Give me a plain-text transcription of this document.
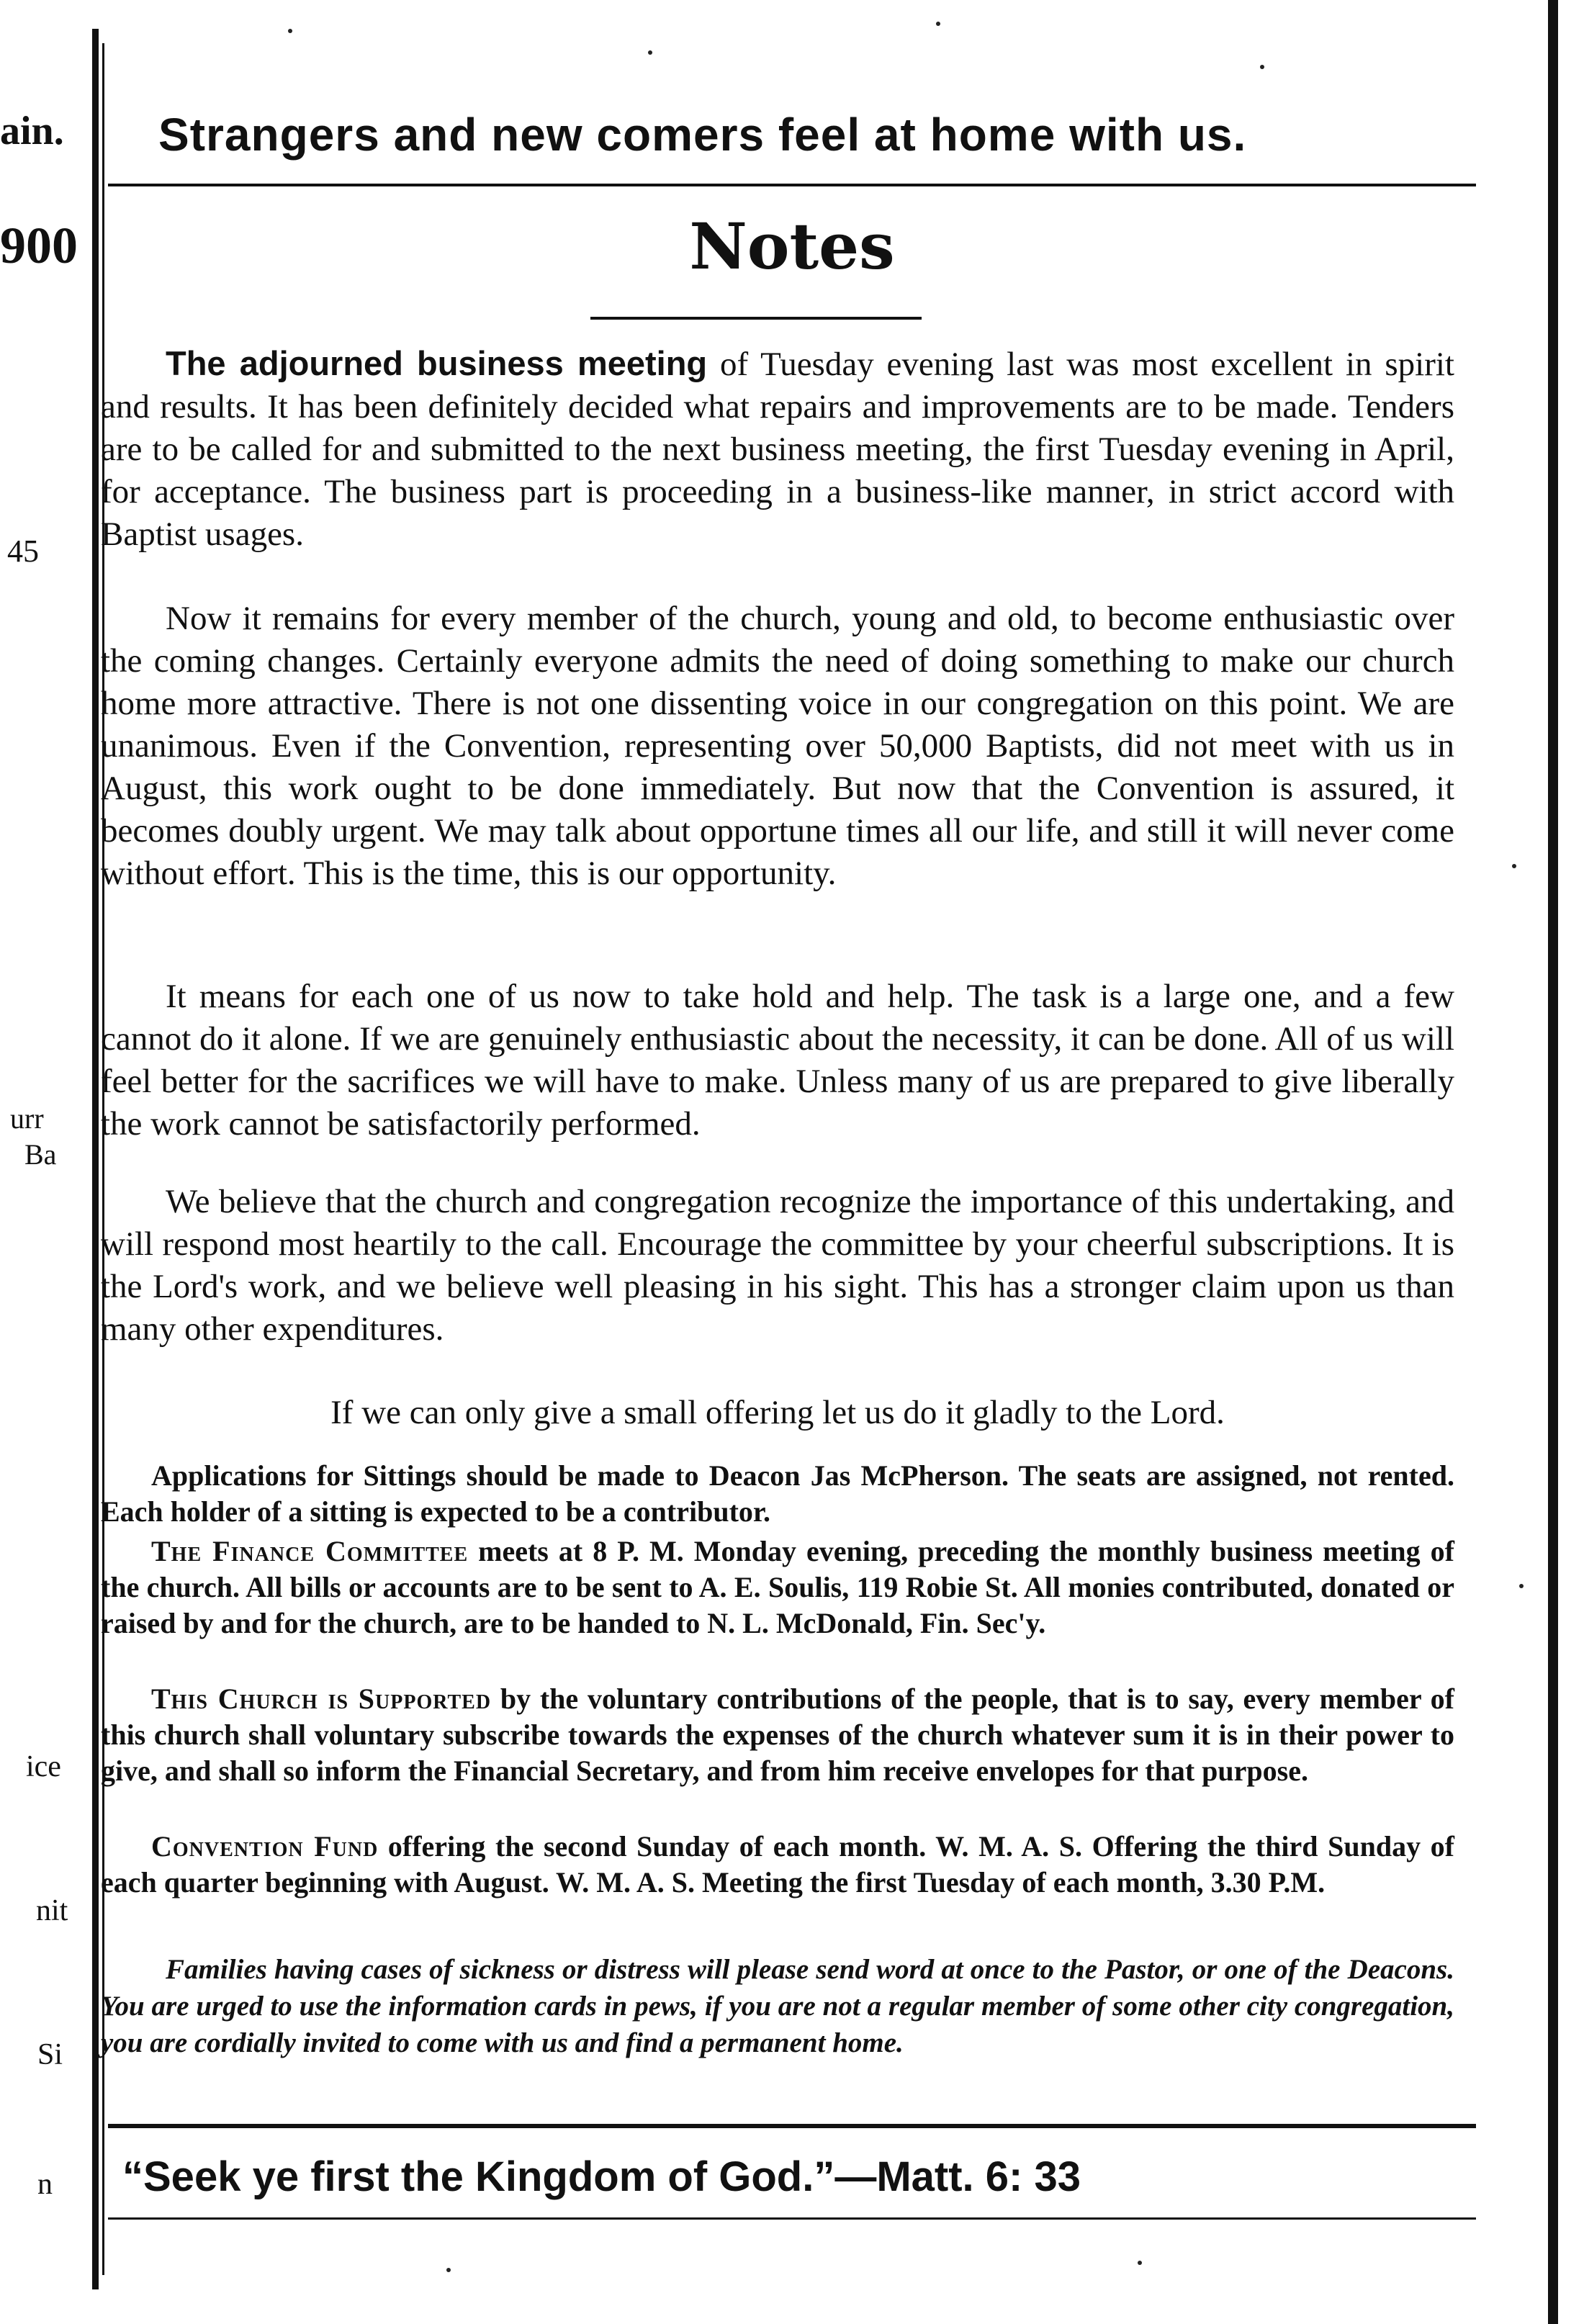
ain.
900
45
urr
Ba
ice
nit
Si
n
Strangers and new comers feel at home with us.
Notes
The adjourned business meeting of Tuesday evening last was most excellent in spirit and results. It has been definitely decided what repairs and improvements are to be made. Tenders are to be called for and submitted to the next business meeting, the first Tuesday evening in April, for acceptance. The business part is proceeding in a business-like manner, in strict accord with Baptist usages.
Now it remains for every member of the church, young and old, to become enthusiastic over the coming changes. Certainly everyone admits the need of doing something to make our church home more attractive. There is not one dissenting voice in our congregation on this point. We are unanimous. Even if the Convention, representing over 50,000 Baptists, did not meet with us in August, this work ought to be done immediately. But now that the Convention is assured, it becomes doubly urgent. We may talk about opportune times all our life, and still it will never come without effort. This is the time, this is our opportunity.
It means for each one of us now to take hold and help. The task is a large one, and a few cannot do it alone. If we are genuinely enthusiastic about the necessity, it can be done. All of us will feel better for the sacrifices we will have to make. Unless many of us are prepared to give liberally the work cannot be satisfactorily performed.
We believe that the church and congregation recognize the importance of this undertaking, and will respond most heartily to the call. Encourage the committee by your cheerful subscriptions. It is the Lord's work, and we believe well pleasing in his sight. This has a stronger claim upon us than many other expenditures.
If we can only give a small offering let us do it gladly to the Lord.
Applications for Sittings should be made to Deacon Jas McPherson. The seats are assigned, not rented. Each holder of a sitting is expected to be a contributor.
The Finance Committee meets at 8 P. M. Monday evening, preceding the monthly business meeting of the church. All bills or accounts are to be sent to A. E. Soulis, 119 Robie St. All monies contributed, donated or raised by and for the church, are to be handed to N. L. McDonald, Fin. Sec'y.
This Church is Supported by the voluntary contributions of the people, that is to say, every member of this church shall voluntary subscribe towards the expenses of the church whatever sum it is in their power to give, and shall so inform the Financial Secretary, and from him receive envelopes for that purpose.
Convention Fund offering the second Sunday of each month. W. M. A. S. Offering the third Sunday of each quarter beginning with August. W. M. A. S. Meeting the first Tuesday of each month, 3.30 P.M.
Families having cases of sickness or distress will please send word at once to the Pastor, or one of the Deacons. You are urged to use the information cards in pews, if you are not a regular member of some other city congregation, you are cordially invited to come with us and find a permanent home.
“Seek ye first the Kingdom of God.”—Matt. 6: 33
